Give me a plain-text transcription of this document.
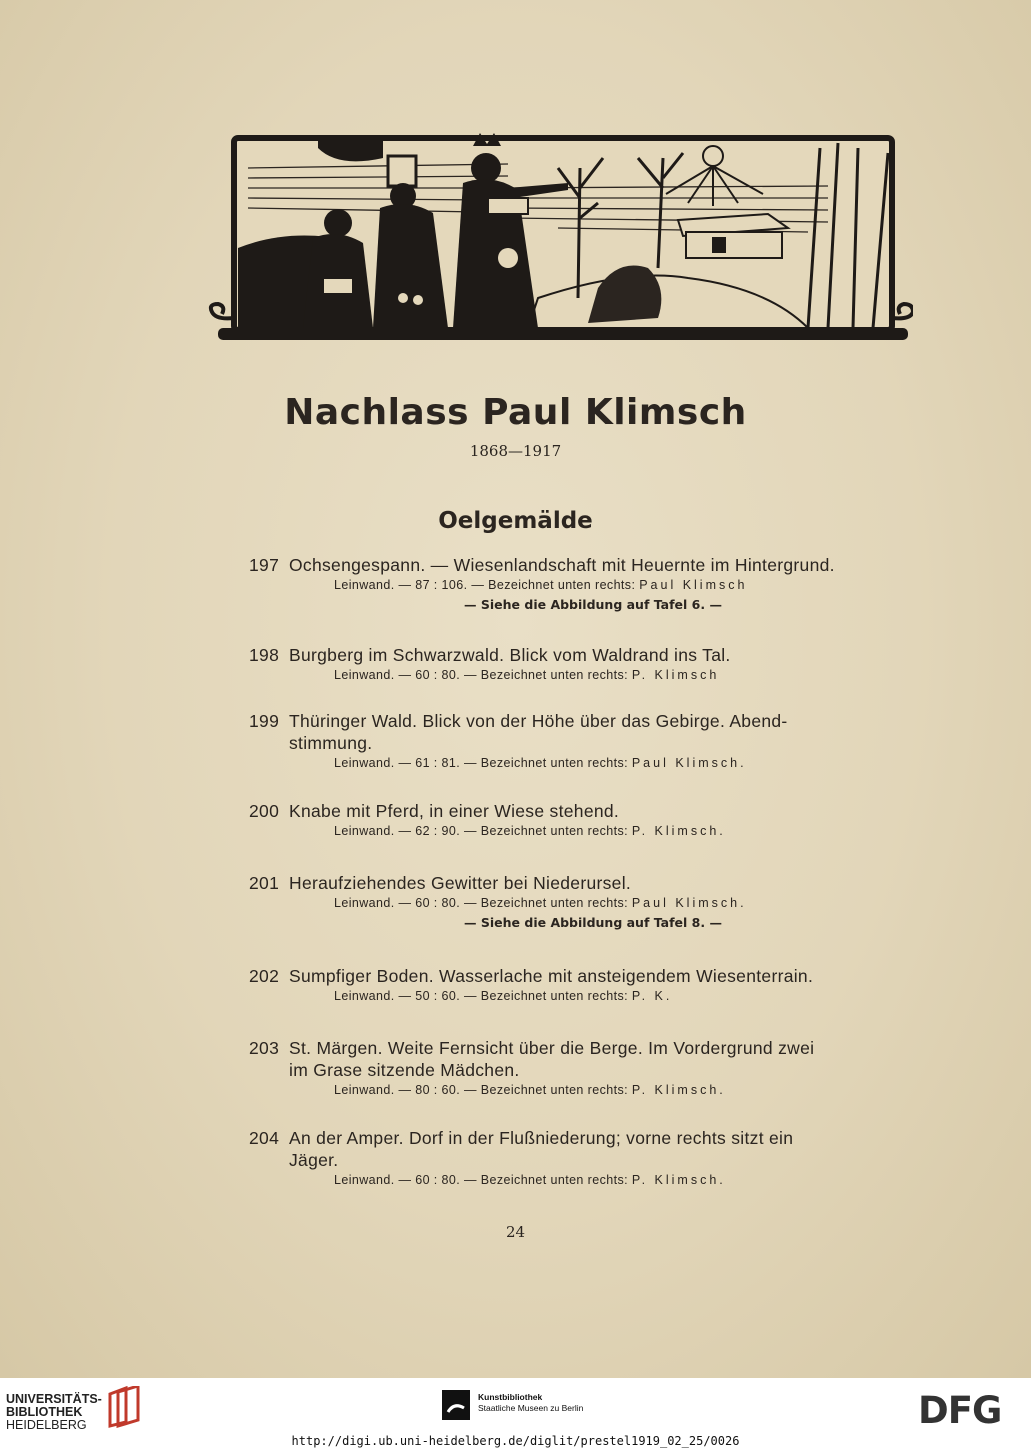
Nachlass Paul Klimsch
1868—1917
Oelgemälde
197 Ochsengespann. — Wiesenlandschaft mit Heuernte im Hintergrund.
Leinwand. — 87 : 106. — Bezeichnet unten rechts: Paul Klimsch
— Siehe die Abbildung auf Tafel 6. —
198 Burgberg im Schwarzwald. Blick vom Waldrand ins Tal.
Leinwand. — 60 : 80. — Bezeichnet unten rechts: P. Klimsch
199 Thüringer Wald. Blick von der Höhe über das Gebirge. Abend-
stimmung.
Leinwand. — 61 : 81. — Bezeichnet unten rechts: Paul Klimsch.
200 Knabe mit Pferd, in einer Wiese stehend.
Leinwand. — 62 : 90. — Bezeichnet unten rechts: P. Klimsch.
201 Heraufziehendes Gewitter bei Niederursel.
Leinwand. — 60 : 80. — Bezeichnet unten rechts: Paul Klimsch.
— Siehe die Abbildung auf Tafel 8. —
202 Sumpfiger Boden. Wasserlache mit ansteigendem Wiesenterrain.
Leinwand. — 50 : 60. — Bezeichnet unten rechts: P. K.
203 St. Märgen. Weite Fernsicht über die Berge. Im Vordergrund zwei
im Grase sitzende Mädchen.
Leinwand. — 80 : 60. — Bezeichnet unten rechts: P. Klimsch.
204 An der Amper. Dorf in der Flußniederung; vorne rechts sitzt ein
Jäger.
Leinwand. — 60 : 80. — Bezeichnet unten rechts: P. Klimsch.
24
UNIVERSITÄTS-
BIBLIOTHEK
HEIDELBERG
Kunstbibliothek
Staatliche Museen zu Berlin	DFG
http://digi.ub.uni-heidelberg.de/diglit/prestel1919_02_25/0026
